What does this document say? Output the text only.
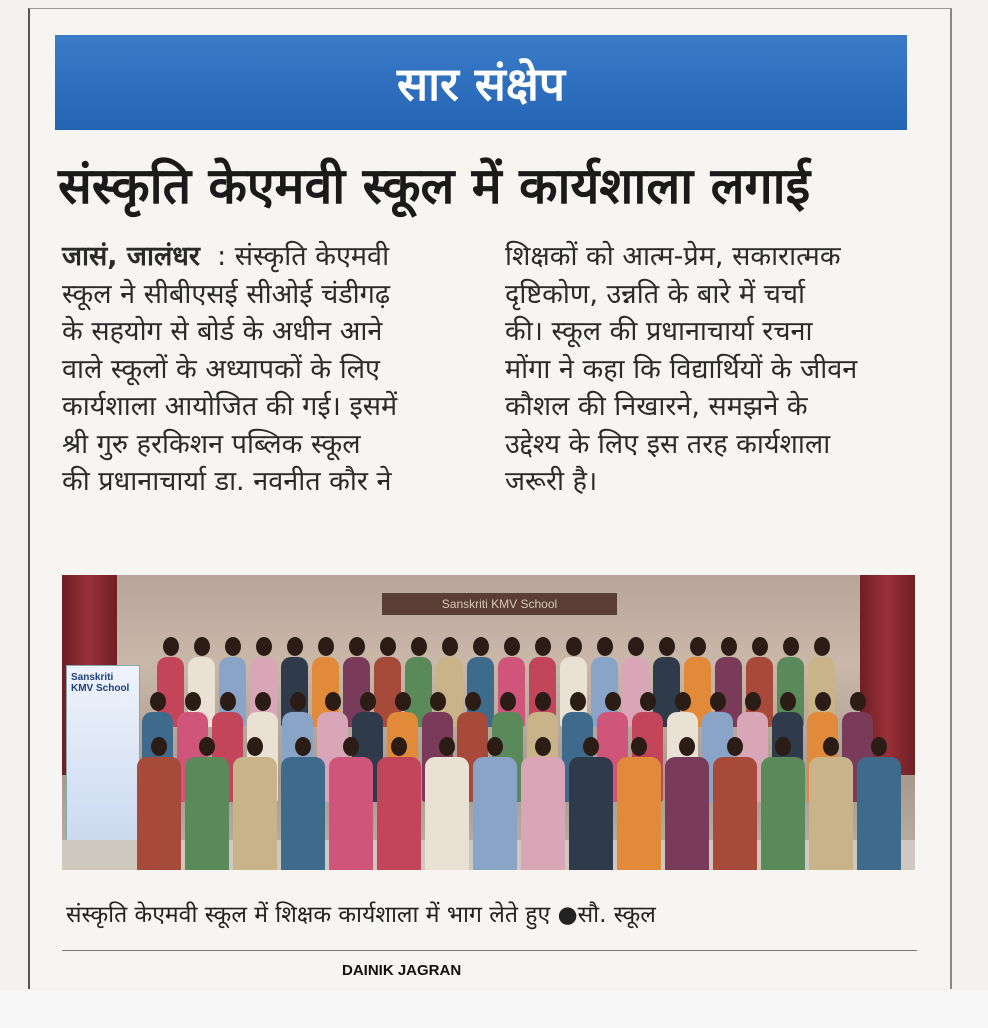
सार संक्षेप
संस्कृति केएमवी स्कूल में कार्यशाला लगाई
जासं, जालंधर  : संस्कृति केएमवी
स्कूल ने सीबीएसई सीओई चंडीगढ़
के सहयोग से बोर्ड के अधीन आने
वाले स्कूलों के अध्यापकों के लिए
कार्यशाला आयोजित की गई। इसमें
श्री गुरु हरकिशन पब्लिक स्कूल
की प्रधानाचार्या डा. नवनीत कौर ने
शिक्षकों को आत्म-प्रेम, सकारात्मक
दृष्टिकोण, उन्नति के बारे में चर्चा
की। स्कूल की प्रधानाचार्या रचना
मोंगा ने कहा कि विद्यार्थियों के जीवन
कौशल की निखारने, समझने के
उद्देश्य के लिए इस तरह कार्यशाला
जरूरी है।
Sanskriti KMV School
Sanskriti KMV School
संस्कृति केएमवी स्कूल में शिक्षक कार्यशाला में भाग लेते हुए ●सौ. स्कूल
DAINIK JAGRAN
